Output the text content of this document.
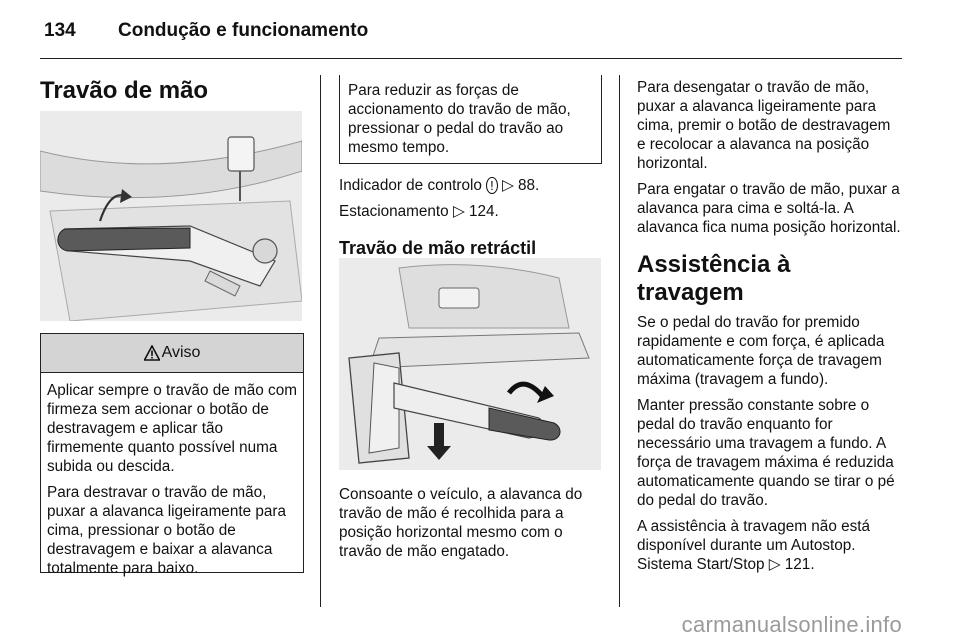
134 Condução e funcionamento
Travão de mão
Aviso

Aplicar sempre o travão de mão com firmeza sem accionar o botão de destravagem e aplicar tão firmemente quanto possível numa subida ou descida.

Para destravar o travão de mão, puxar a alavanca ligeiramente para cima, pressionar o botão de destravagem e baixar a alavanca totalmente para baixo.

Para reduzir as forças de accionamento do travão de mão, pressionar o pedal do travão ao mesmo tempo.

Indicador de controlo ! ▷ 88.

Estacionamento ▷ 124.

Travão de mão retráctil

Consoante o veículo, a alavanca do travão de mão é recolhida para a posição horizontal mesmo com o travão de mão engatado.

Para desengatar o travão de mão, puxar a alavanca ligeiramente para cima, premir o botão de destravagem e recolocar a alavanca na posição horizontal.

Para engatar o travão de mão, puxar a alavanca para cima e soltá-la. A alavanca fica numa posição horizontal.

Assistência à travagem

Se o pedal do travão for premido rapidamente e com força, é aplicada automaticamente força de travagem máxima (travagem a fundo).

Manter pressão constante sobre o pedal do travão enquanto for necessário uma travagem a fundo. A força de travagem máxima é reduzida automaticamente quando se tirar o pé do pedal do travão.

A assistência à travagem não está disponível durante um Autostop. Sistema Start/Stop ▷ 121.

carmanualsonline.info
